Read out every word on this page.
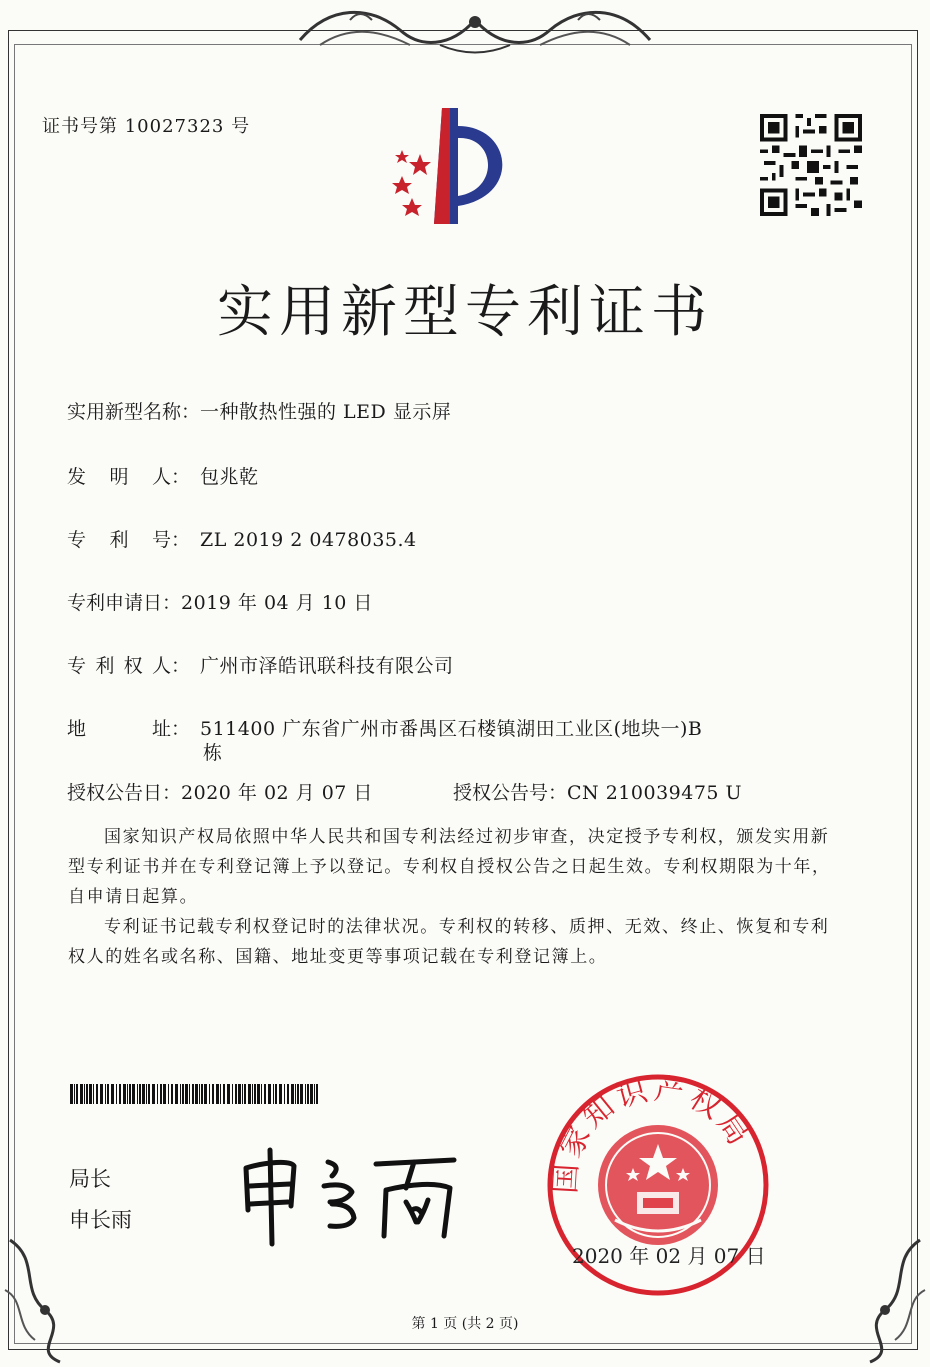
证书号第 10027323 号
实用新型专利证书
实用新型名称：一种散热性强的 LED 显示屏
发 明 人： 包兆乾
专 利 号： ZL 2019 2 0478035.4
专利申请日：2019 年 04 月 10 日
专 利 权 人： 广州市泽皓讯联科技有限公司
地	址： 511400 广东省广州市番禺区石楼镇湖田工业区(地块一)B
栋
授权公告日：2020 年 02 月 07 日	授权公告号：CN 210039475 U
国家知识产权局依照中华人民共和国专利法经过初步审查，决定授予专利权，颁发实用新型专利证书并在专利登记簿上予以登记。专利权自授权公告之日起生效。专利权期限为十年，自申请日起算。
专利证书记载专利权登记时的法律状况。专利权的转移、质押、无效、终止、恢复和专利权人的姓名或名称、国籍、地址变更等事项记载在专利登记簿上。
局长
申长雨
国家知识产权局
2020 年 02 月 07 日
第 1 页 (共 2 页)
